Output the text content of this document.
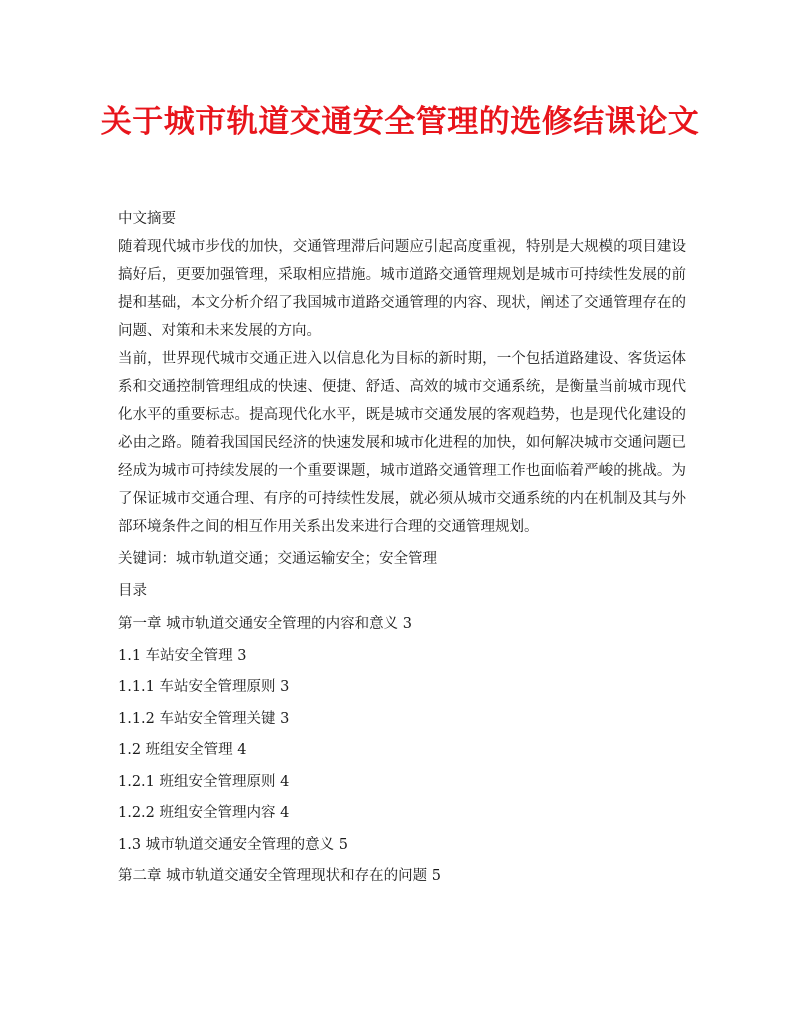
关于城市轨道交通安全管理的选修结课论文

中文摘要

随着现代城市步伐的加快，交通管理滞后问题应引起高度重视，特别是大规模的项目建设搞好后，更要加强管理，采取相应措施。城市道路交通管理规划是城市可持续性发展的前提和基础，本文分析介绍了我国城市道路交通管理的内容、现状，阐述了交通管理存在的问题、对策和未来发展的方向。

当前，世界现代城市交通正进入以信息化为目标的新时期，一个包括道路建设、客货运体系和交通控制管理组成的快速、便捷、舒适、高效的城市交通系统，是衡量当前城市现代化水平的重要标志。提高现代化水平，既是城市交通发展的客观趋势，也是现代化建设的必由之路。随着我国国民经济的快速发展和城市化进程的加快，如何解决城市交通问题已经成为城市可持续发展的一个重要课题，城市道路交通管理工作也面临着严峻的挑战。为了保证城市交通合理、有序的可持续性发展，就必须从城市交通系统的内在机制及其与外部环境条件之间的相互作用关系出发来进行合理的交通管理规划。

关键词：城市轨道交通；交通运输安全；安全管理

目录

第一章 城市轨道交通安全管理的内容和意义 3

1.1 车站安全管理 3

1.1.1 车站安全管理原则 3

1.1.2 车站安全管理关键 3

1.2 班组安全管理 4

1.2.1 班组安全管理原则 4

1.2.2 班组安全管理内容 4

1.3 城市轨道交通安全管理的意义 5

第二章 城市轨道交通安全管理现状和存在的问题 5
